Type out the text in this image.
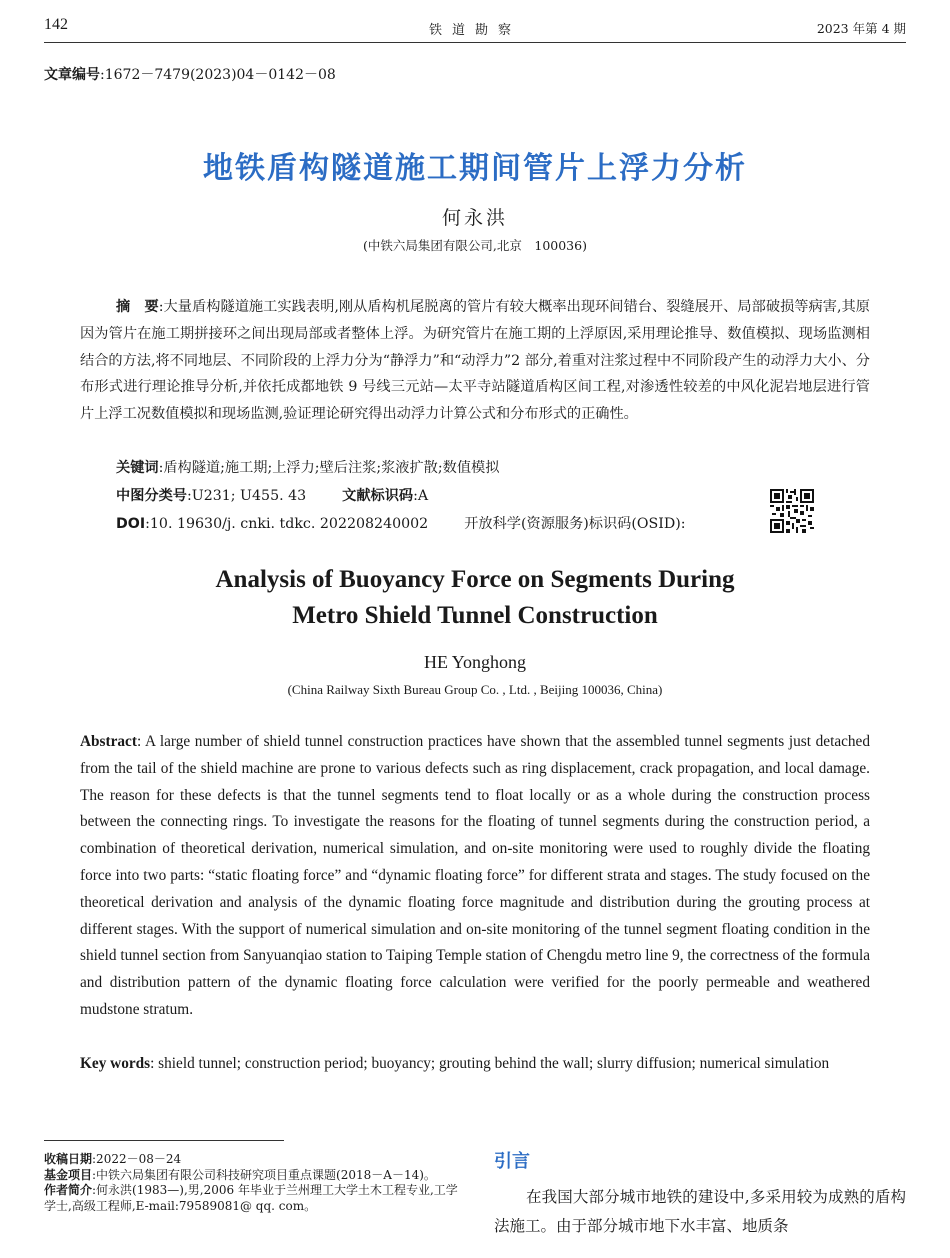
142	铁道勘察	2023 年第 4 期
文章编号:1672－7479(2023)04－0142－08
地铁盾构隧道施工期间管片上浮力分析
何永洪
(中铁六局集团有限公司,北京　100036)
摘　要:大量盾构隧道施工实践表明,刚从盾构机尾脱离的管片有较大概率出现环间错台、裂缝展开、局部破损等病害,其原因为管片在施工期拼接环之间出现局部或者整体上浮。为研究管片在施工期的上浮原因,采用理论推导、数值模拟、现场监测相结合的方法,将不同地层、不同阶段的上浮力分为“静浮力”和“动浮力”2 部分,着重对注浆过程中不同阶段产生的动浮力大小、分布形式进行理论推导分析,并依托成都地铁 9 号线三元站—太平寺站隧道盾构区间工程,对渗透性较差的中风化泥岩地层进行管片上浮工况数值模拟和现场监测,验证理论研究得出动浮力计算公式和分布形式的正确性。
关键词:盾构隧道;施工期;上浮力;壁后注浆;浆液扩散;数值模拟
中图分类号:U231; U455. 43	文献标识码:A
DOI:10. 19630/j. cnki. tdkc. 202208240002	开放科学(资源服务)标识码(OSID):
Analysis of Buoyancy Force on Segments During
Metro Shield Tunnel Construction
HE Yonghong
(China Railway Sixth Bureau Group Co. , Ltd. , Beijing 100036, China)
Abstract: A large number of shield tunnel construction practices have shown that the assembled tunnel segments just detached from the tail of the shield machine are prone to various defects such as ring displacement, crack propagation, and local damage. The reason for these defects is that the tunnel segments tend to float locally or as a whole during the construction process between the connecting rings. To investigate the reasons for the floating of tunnel segments during the construction period, a combination of theoretical derivation, numerical simulation, and on-site monitoring were used to roughly divide the floating force into two parts: “static floating force” and “dynamic floating force” for different strata and stages. The study focused on the theoretical derivation and analysis of the dynamic floating force magnitude and distribution during the grouting process at different stages. With the support of numerical simulation and on-site monitoring of the tunnel segment floating condition in the shield tunnel section from Sanyuanqiao station to Taiping Temple station of Chengdu metro line 9, the correctness of the formula and distribution pattern of the dynamic floating force calculation were verified for the poorly permeable and weathered mudstone stratum.
Key words: shield tunnel; construction period; buoyancy; grouting behind the wall; slurry diffusion; numerical simulation
收稿日期:2022－08－24
基金项目:中铁六局集团有限公司科技研究项目重点课题(2018－A－14)。
作者简介:何永洪(1983—),男,2006 年毕业于兰州理工大学土木工程专业,工学学士,高级工程师,E-mail:79589081@ qq. com。
引言
在我国大部分城市地铁的建设中,多采用较为成熟的盾构法施工。由于部分城市地下水丰富、地质条
